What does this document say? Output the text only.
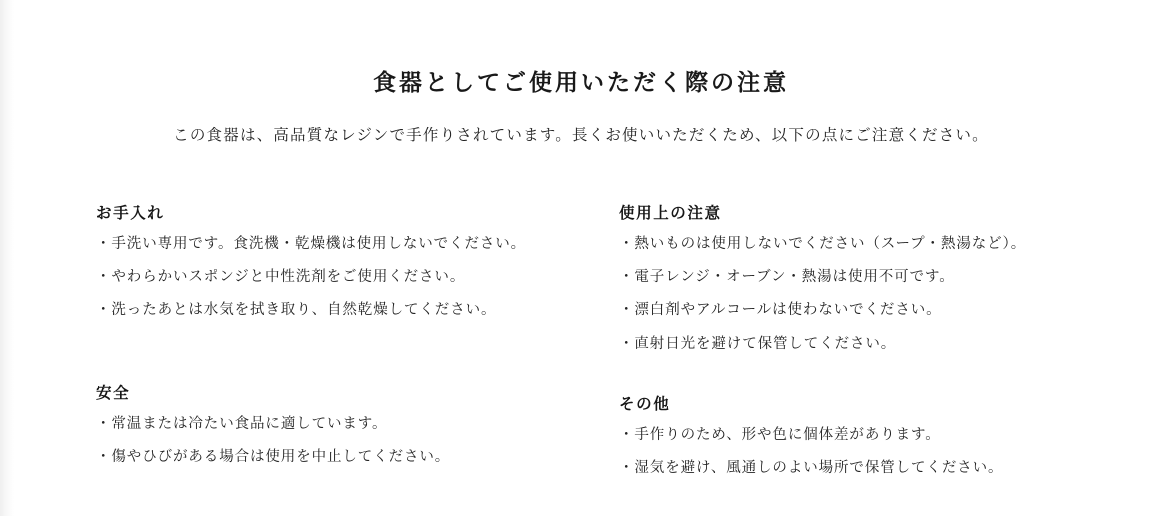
食器としてご使用いただく際の注意

この食器は、高品質なレジンで手作りされています。長くお使いいただくため、以下の点にご注意ください。

お手入れ
・手洗い専用です。食洗機・乾燥機は使用しないでください。
・やわらかいスポンジと中性洗剤をご使用ください。
・洗ったあとは水気を拭き取り、自然乾燥してください。
安全
・常温または冷たい食品に適しています。
・傷やひびがある場合は使用を中止してください。
使用上の注意
・熱いものは使用しないでください（スープ・熱湯など）。
・電子レンジ・オーブン・熱湯は使用不可です。
・漂白剤やアルコールは使わないでください。
・直射日光を避けて保管してください。
その他
・手作りのため、形や色に個体差があります。
・湿気を避け、風通しのよい場所で保管してください。
